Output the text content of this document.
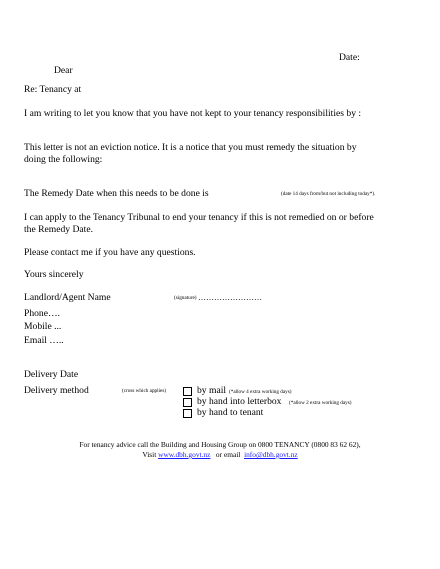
Date:
Dear
Re: Tenancy at
I am writing to let you know that you have not kept to your tenancy responsibilities by :
This letter is not an eviction notice. It is a notice that you must remedy the situation by
doing the following:
The Remedy Date when this needs to be done is	(date 14 days from/but not including today*).
I can apply to the Tenancy Tribunal to end your tenancy if this is not remedied on or before
the Remedy Date.
Please contact me if you have any questions.
Yours sincerely
Landlord/Agent Name	(signature) ……………………
Phone….
Mobile ...
Email …..
Delivery Date
Delivery method	(cross which applies)	by mail (*allow 4 extra working days)
by hand into letterbox (*allow 2 extra working days)
by hand to tenant
For tenancy advice call the Building and Housing Group on 0800 TENANCY (0800 83 62 62),
Visit www.dbh.govt.nz   or email  info@dbh.govt.nz
